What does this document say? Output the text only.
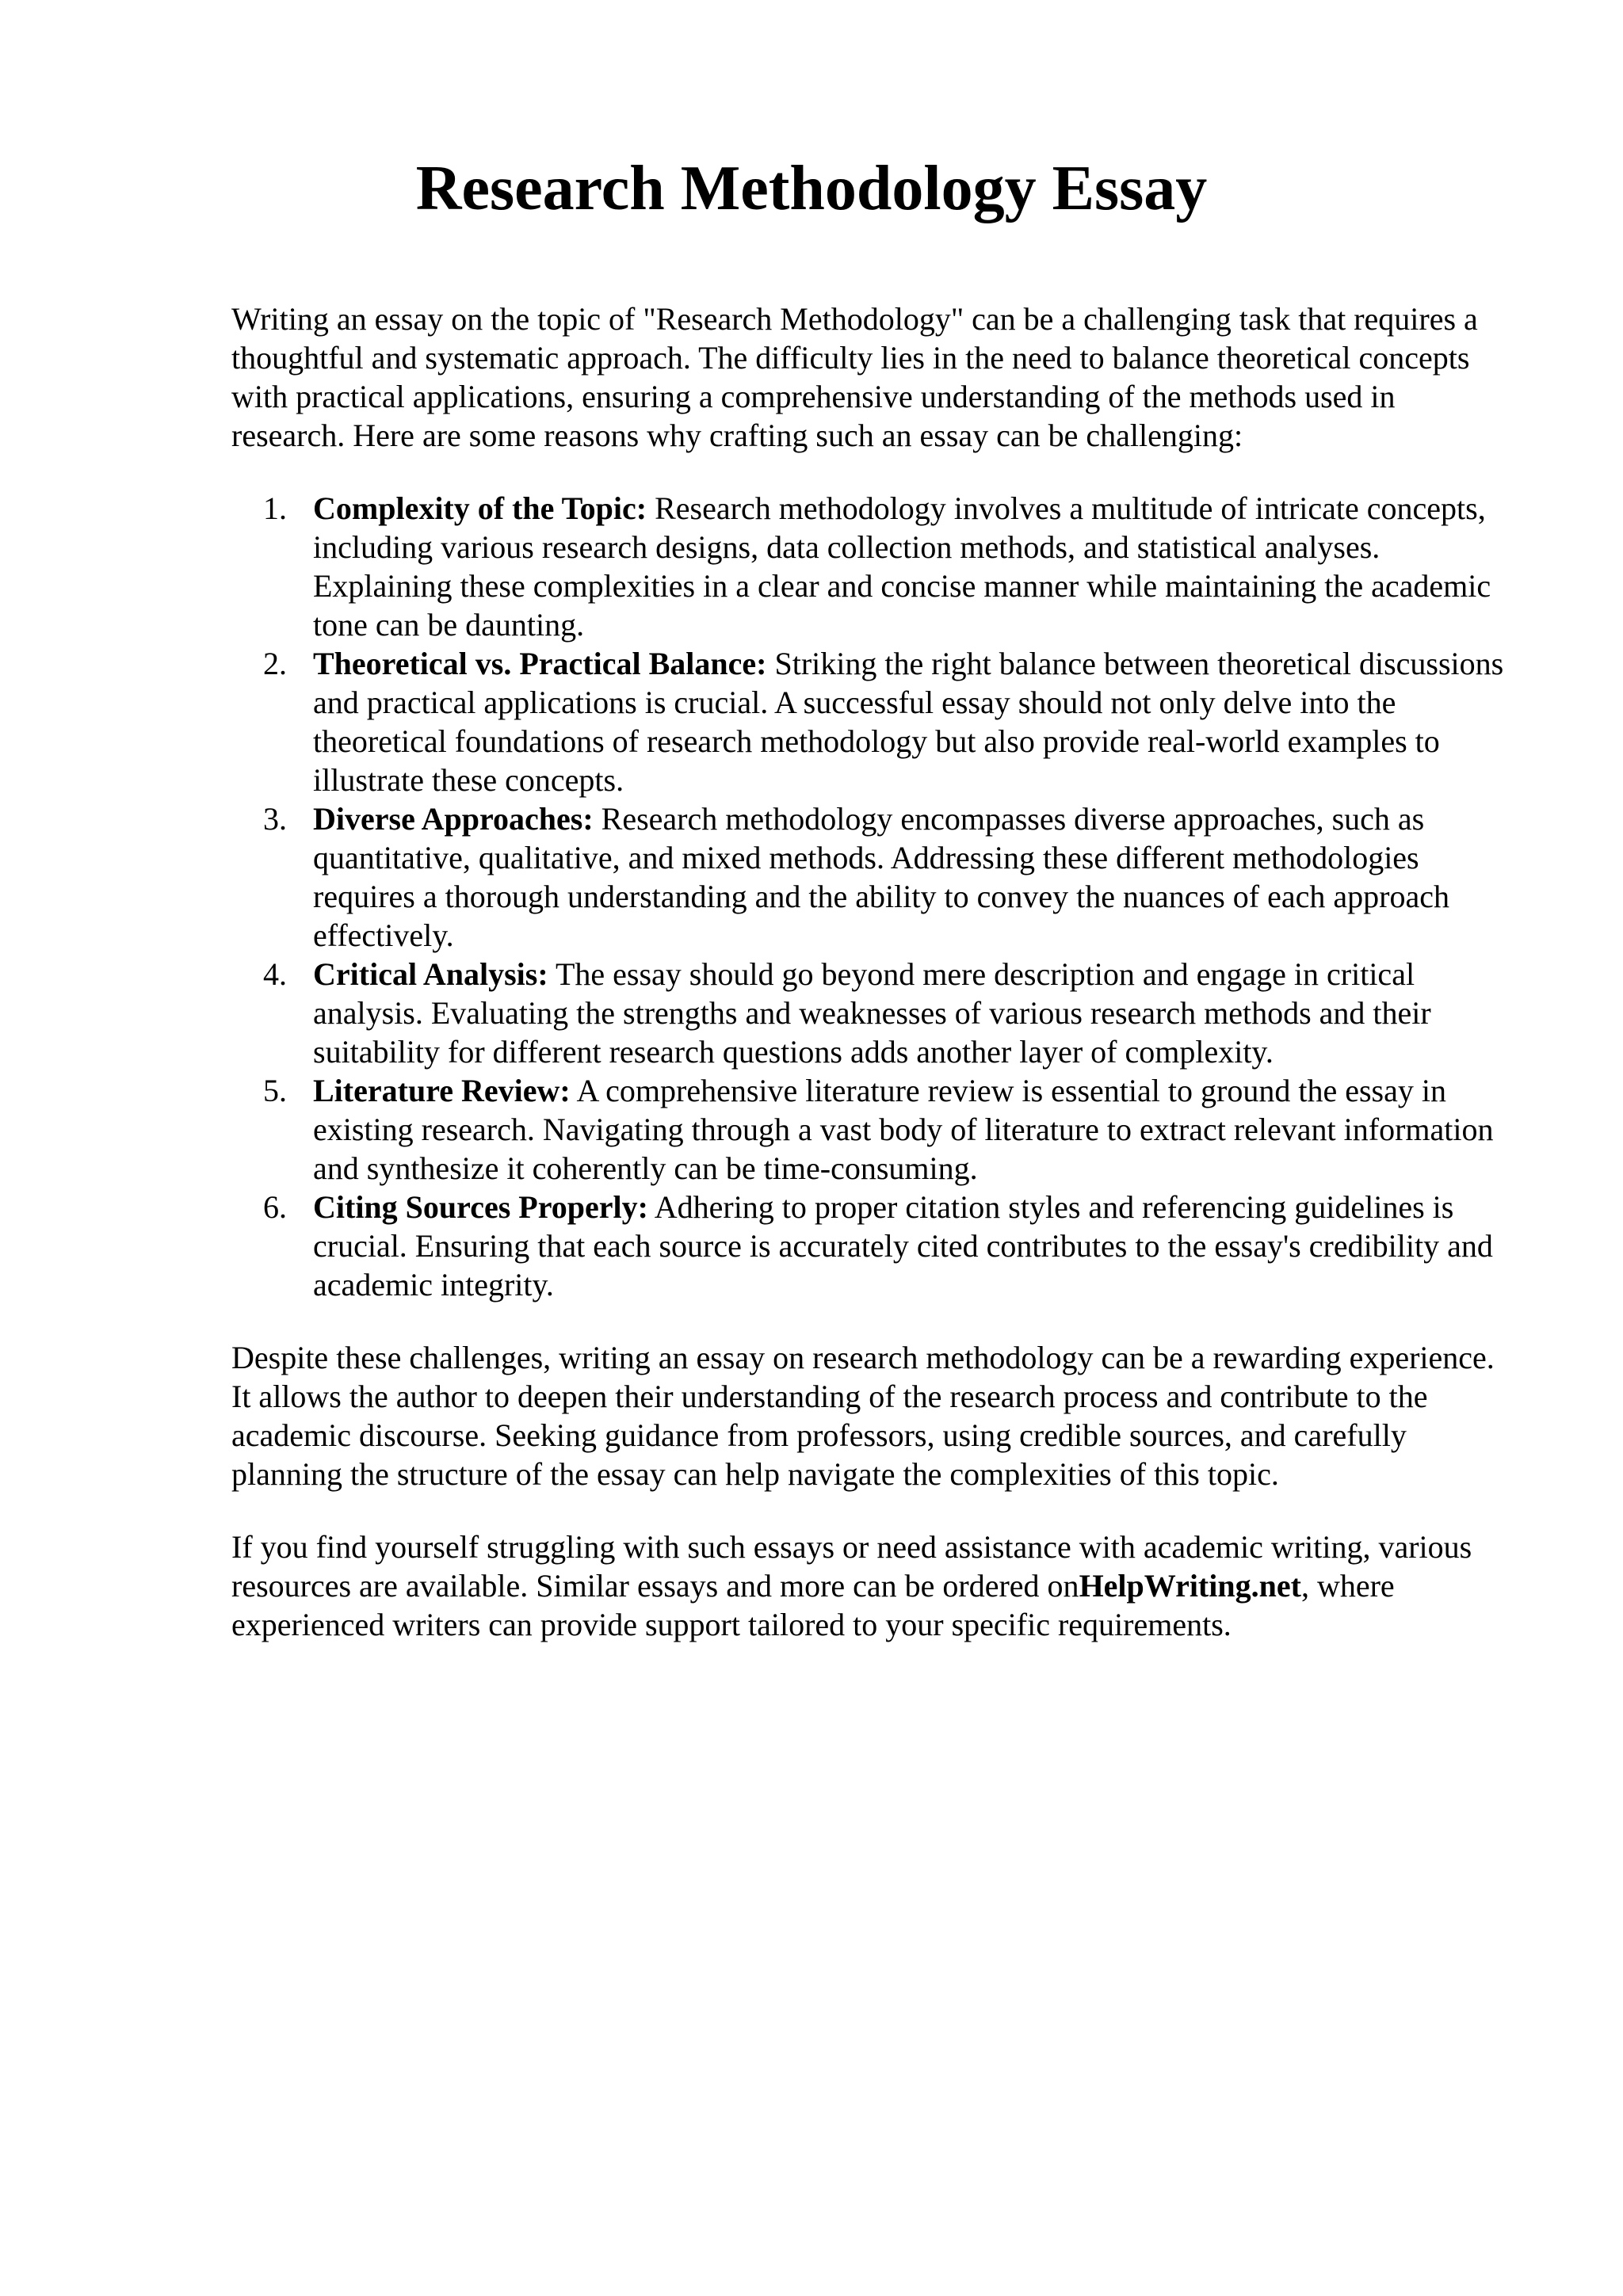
Research Methodology Essay

Writing an essay on the topic of "Research Methodology" can be a challenging task that requires a thoughtful and systematic approach. The difficulty lies in the need to balance theoretical concepts with practical applications, ensuring a comprehensive understanding of the methods used in research. Here are some reasons why crafting such an essay can be challenging:

1. Complexity of the Topic: Research methodology involves a multitude of intricate concepts, including various research designs, data collection methods, and statistical analyses. Explaining these complexities in a clear and concise manner while maintaining the academic tone can be daunting.
2. Theoretical vs. Practical Balance: Striking the right balance between theoretical discussions and practical applications is crucial. A successful essay should not only delve into the theoretical foundations of research methodology but also provide real-world examples to illustrate these concepts.
3. Diverse Approaches: Research methodology encompasses diverse approaches, such as quantitative, qualitative, and mixed methods. Addressing these different methodologies requires a thorough understanding and the ability to convey the nuances of each approach effectively.
4. Critical Analysis: The essay should go beyond mere description and engage in critical analysis. Evaluating the strengths and weaknesses of various research methods and their suitability for different research questions adds another layer of complexity.
5. Literature Review: A comprehensive literature review is essential to ground the essay in existing research. Navigating through a vast body of literature to extract relevant information and synthesize it coherently can be time-consuming.
6. Citing Sources Properly: Adhering to proper citation styles and referencing guidelines is crucial. Ensuring that each source is accurately cited contributes to the essay's credibility and academic integrity.

Despite these challenges, writing an essay on research methodology can be a rewarding experience. It allows the author to deepen their understanding of the research process and contribute to the academic discourse. Seeking guidance from professors, using credible sources, and carefully planning the structure of the essay can help navigate the complexities of this topic.

If you find yourself struggling with such essays or need assistance with academic writing, various resources are available. Similar essays and more can be ordered onHelpWriting.net, where experienced writers can provide support tailored to your specific requirements.
